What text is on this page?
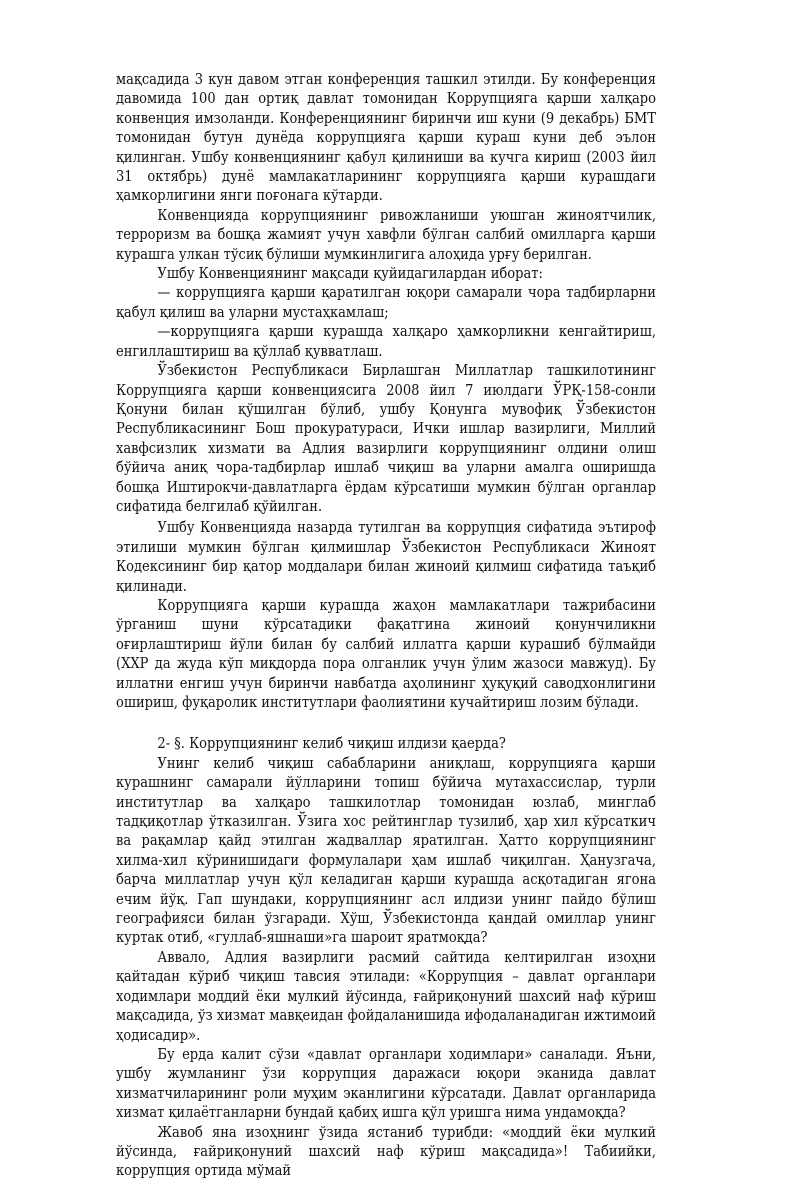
мақсадида 3 кун давом этган конференция ташкил этилди. Бу конференция давомида 100 дан ортиқ давлат томонидан Коррупцияга қарши халқаро конвенция имзоланди. Конференциянинг биринчи иш куни (9 декабрь) БМТ томонидан бутун дунёда коррупцияга қарши кураш куни деб эълон қилинган. Ушбу конвенциянинг қабул қилиниши ва кучга кириш (2003 йил 31 октябрь) дунё мамлакатларининг коррупцияга қарши курашдаги ҳамкорлигини янги поғонага кўтарди.

Конвенцияда коррупциянинг ривожланиши уюшган жиноятчилик, терроризм ва бошқа жамият учун хавфли бўлган салбий омилларга қарши курашга улкан тўсиқ бўлиши мумкинлигига алоҳида урғу берилган.

Ушбу Конвенциянинг мақсади қуйидагилардан иборат:

— коррупцияга қарши қаратилган юқори самарали чора тадбирларни қабул қилиш ва уларни мустаҳкамлаш;

—коррупцияга қарши курашда халқаро ҳамкорликни кенгайтириш, енгиллаштириш ва қўллаб қувватлаш.

Ўзбекистон Республикаси Бирлашган Миллатлар ташкилотининг Коррупцияга қарши конвенциясига 2008 йил 7 июлдаги ЎРҚ-158-сонли Қонуни билан қўшилган бўлиб, ушбу Қонунга мувофиқ Ўзбекистон Республикасининг Бош прокуратураси, Ички ишлар вазирлиги, Миллий хавфсизлик хизмати ва Адлия вазирлиги коррупциянинг олдини олиш бўйича аниқ чора-тадбирлар ишлаб чиқиш ва уларни амалга оширишда бошқа Иштирокчи-давлатларга ёрдам кўрсатиши мумкин бўлган органлар сифатида белгилаб қўйилган.

Ушбу Конвенцияда назарда тутилган ва коррупция сифатида эътироф этилиши мумкин бўлган қилмишлар Ўзбекистон Республикаси Жиноят Кодексининг бир қатор моддалари билан жиноий қилмиш сифатида таъқиб қилинади.

Коррупцияга қарши курашда жаҳон мамлакатлари тажрибасини ўрганиш шуни кўрсатадики фақатгина жиноий қонунчиликни оғирлаштириш йўли билан бу салбий иллатга қарши курашиб бўлмайди (ХХР да жуда кўп миқдорда пора олганлик учун ўлим жазоси мавжуд). Бу иллатни енгиш учун биринчи навбатда аҳолининг ҳуқуқий саводхонлигини ошириш, фуқаролик институтлари фаолиятини кучайтириш лозим бўлади.

2- §. Коррупциянинг келиб чиқиш илдизи қаерда?

Унинг келиб чиқиш сабабларини аниқлаш, коррупцияга қарши курашнинг самарали йўлларини топиш бўйича мутахассислар, турли институтлар ва халқаро ташкилотлар томонидан юзлаб, минглаб тадқиқотлар ўтказилган. Ўзига хос рейтинглар тузилиб, ҳар хил кўрсаткич ва рақамлар қайд этилган жадваллар яратилган. Ҳатто коррупциянинг хилма-хил кўринишидаги формулалари ҳам ишлаб чиқилган. Ҳанузгача, барча миллатлар учун қўл келадиган қарши курашда асқотадиган ягона ечим йўқ. Гап шундаки, коррупциянинг асл илдизи унинг пайдо бўлиш географияси билан ўзгаради. Хўш, Ўзбекистонда қандай омиллар унинг куртак отиб, «гуллаб-яшнаши»га шароит яратмоқда?

Аввало, Адлия вазирлиги расмий сайтида келтирилган изоҳни қайтадан кўриб чиқиш тавсия этилади: «Коррупция – давлат органлари ходимлари моддий ёки мулкий йўсинда, ғайриқонуний шахсий наф кўриш мақсадида, ўз хизмат мавқеидан фойдаланишида ифодаланадиган ижтимоий ҳодисадир».

Бу ерда калит сўзи «давлат органлари ходимлари» саналади. Яъни, ушбу жумланинг ўзи коррупция даражаси юқори эканида давлат хизматчиларининг роли муҳим эканлигини кўрсатади. Давлат органларида хизмат қилаётганларни бундай қабиҳ ишга қўл уришга нима ундамоқда?

Жавоб яна изоҳнинг ўзида ястаниб турибди: «моддий ёки мулкий йўсинда, ғайриқонуний шахсий наф кўриш мақсадида»! Табиийки, коррупция ортида мўмай
